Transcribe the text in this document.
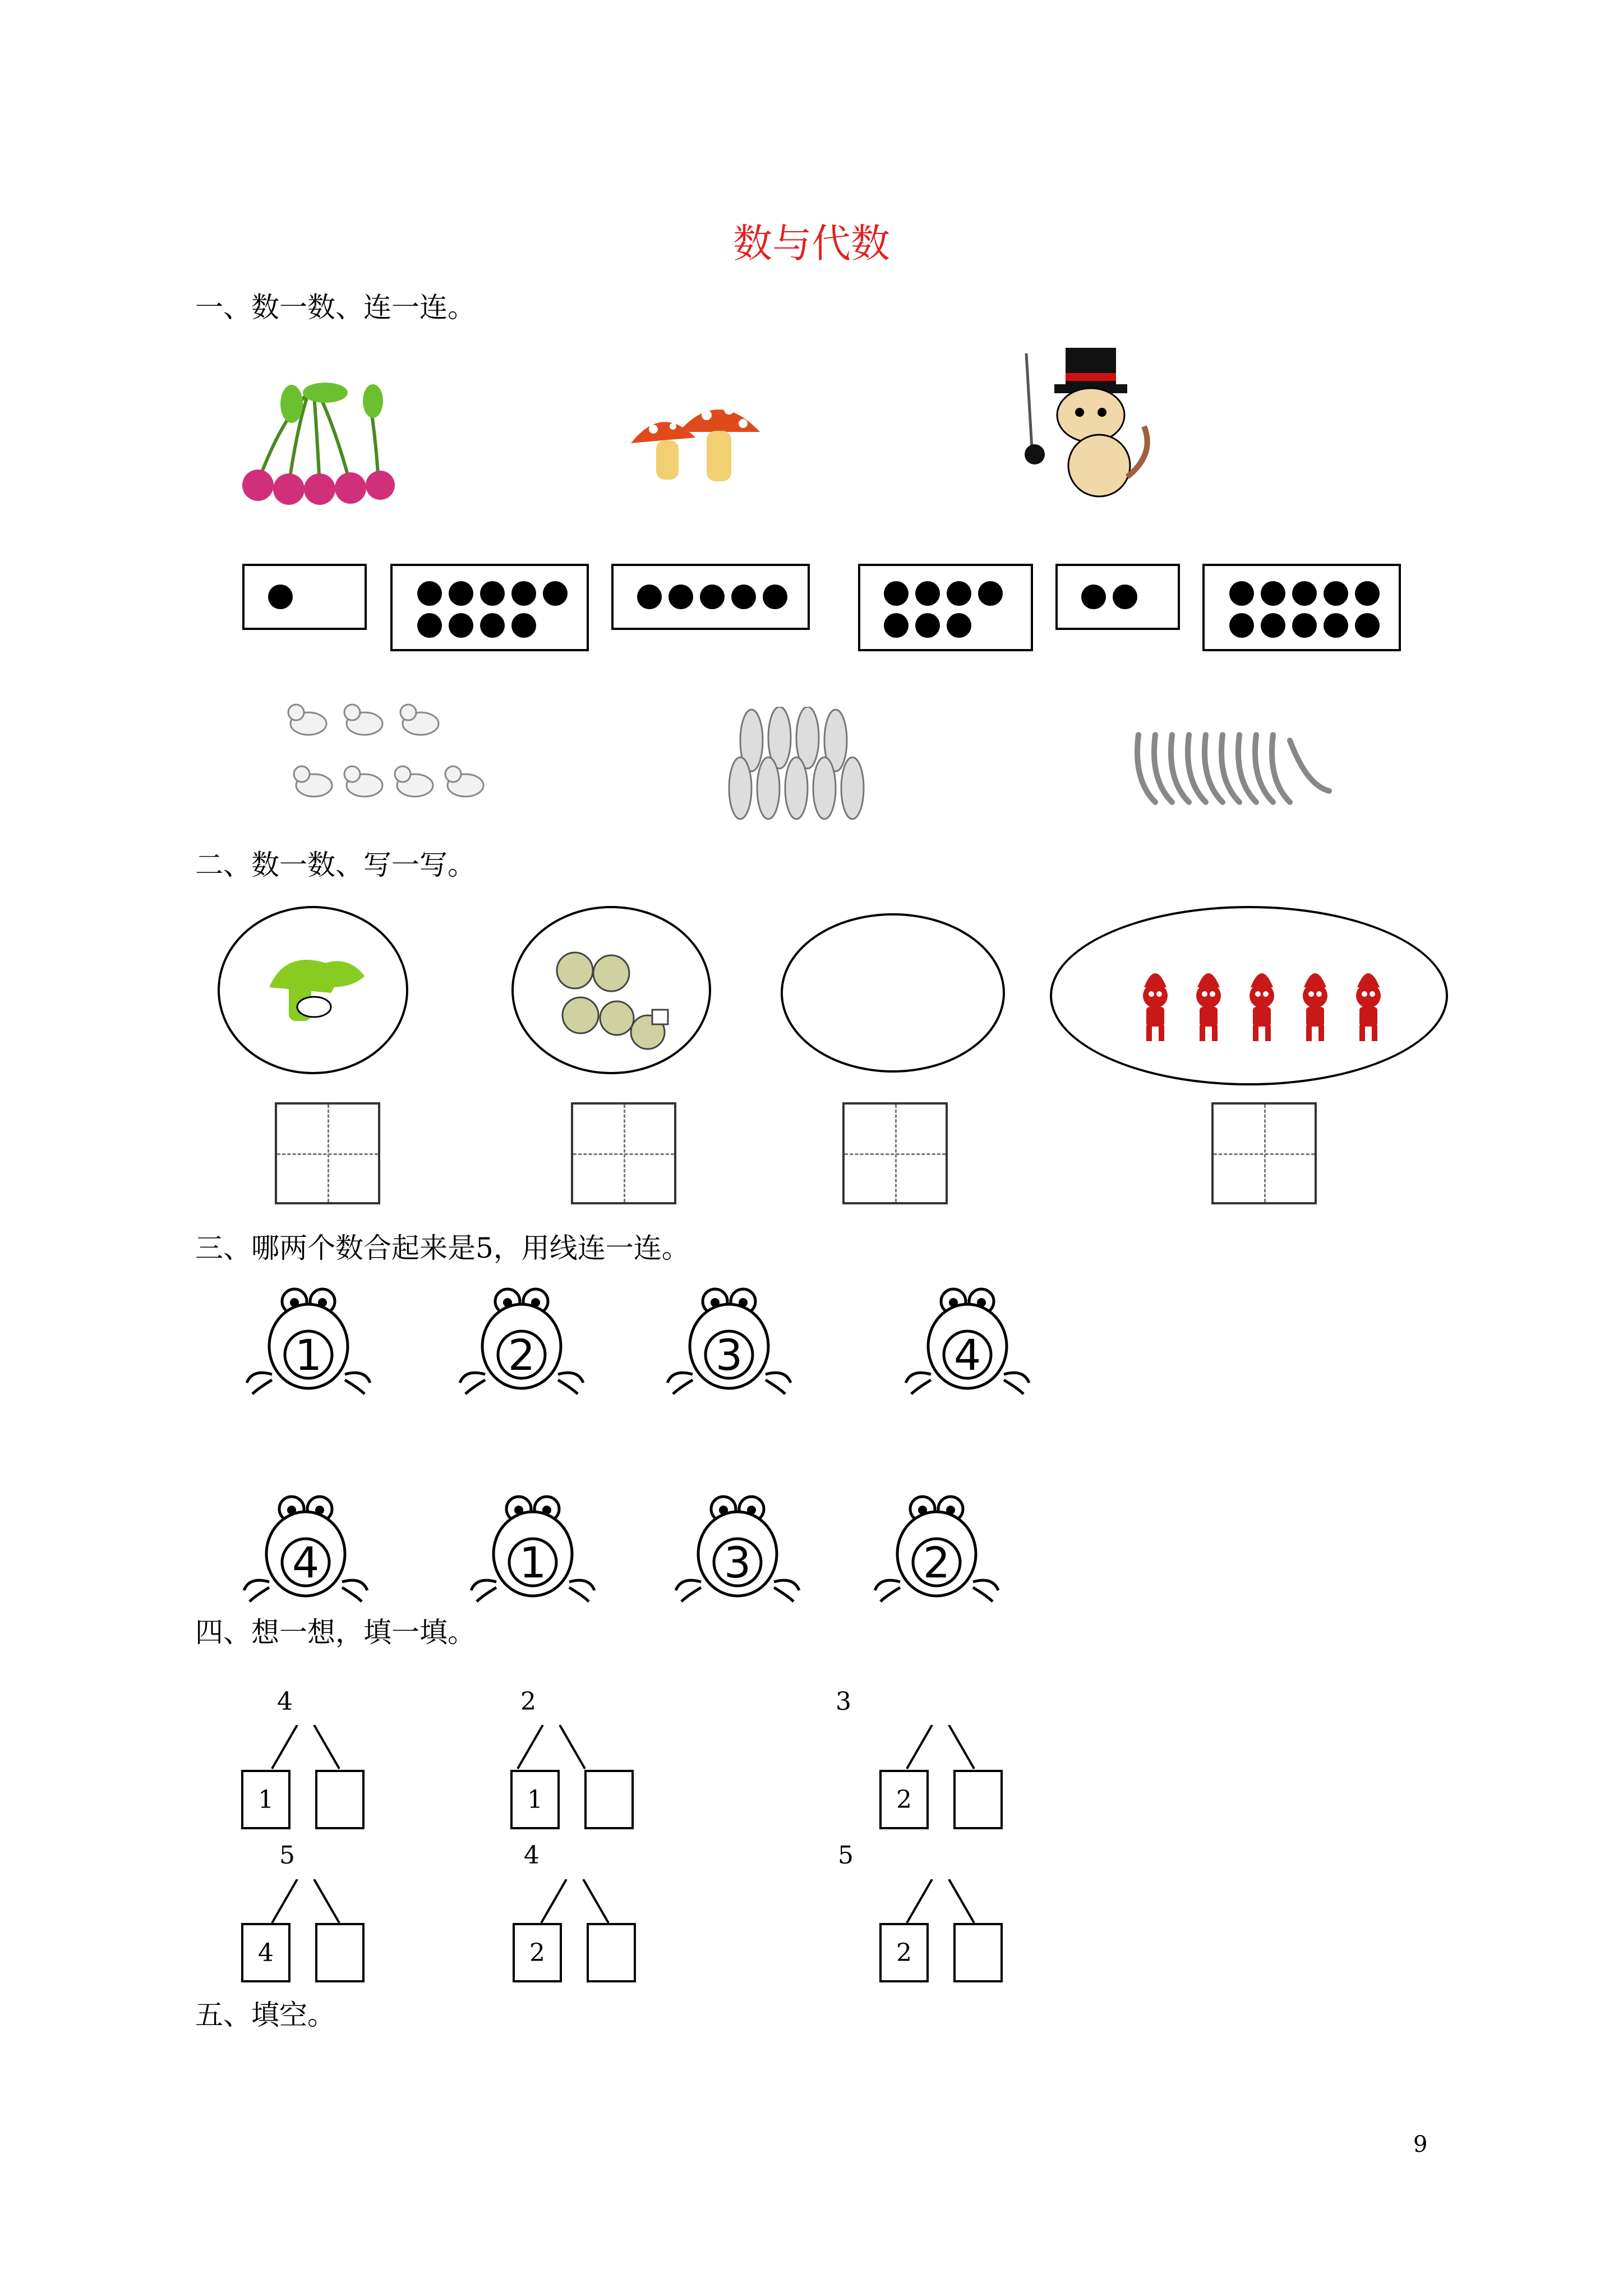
数与代数
一、数一数、连一连。
二、数一数、写一写。
三、哪两个数合起来是5，用线连一连。
1	2	3	4
4	1	3	2
四、想一想，填一填。
4
1
2
1
3
2
5
4
4
2
5
2
五、填空。
9
